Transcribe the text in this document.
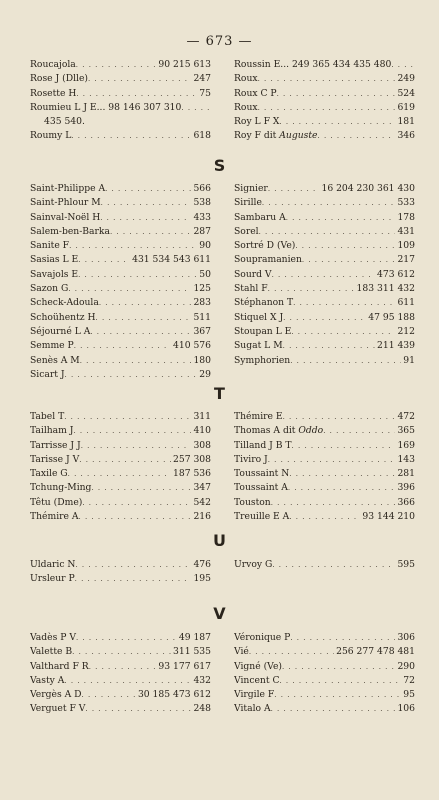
— 673 —
Roucajola . . .	90 215 613
Rose J (Dlle) . . .	247
Rosette H . . .	75
Roumieu L J E... 98 146 307 310
. . .
435 540.
Roumy L . . .	618
Roussin E... 249 365 434 435 480
. . .
Roux . . .	249
Roux C P . . .	524
Roux . . .	619
Roy L F X . . .	181
Roy F dit Auguste . . .	346
S
Saint-Philippe A . . .	566
Saint-Phlour M . . .	538
Sainval-Noël H . . .	433
Salem-ben-Barka . . .	287
Sanite F . . .	90
Sasias L E . . .	431 534 543 611
Savajols E . . .	50
Sazon G . . .	125
Scheck-Adoula . . .	283
Schoühentz H . . .	511
Séjourné L A . . .	367
Semme P . . .	410 576
Senès A M . . .	180
Sicart J . . .	29
Signier . . .	16 204 230 361 430
Sirille . . .	533
Sambaru A . . .	178
Sorel . . .	431
Sortré D (Ve) . . .	109
Soupramanien . . .	217
Sourd V . . .	473 612
Stahl F . . .	183 311 432
Stéphanon T . . .	611
Stiquel X J . . .	47 95 188
Stoupan L E . . .	212
Sugat L M . . .	211 439
Symphorien . . .	91
T
Tabel T . . .	311
Tailham J . . .	410
Tarrisse J J . . .	308
Tarisse J V . . .	257 308
Taxile G . . .	187 536
Tchung-Ming . . .	347
Têtu (Dme) . . .	542
Thémire A . . .	216
Thémire E . . .	472
Thomas A dit Oddo . . .	365
Tilland J B T . . .	169
Tiviro J . . .	143
Toussaint N . . .	281
Toussaint A . . .	396
Touston . . .	366
Treuille E A . . .	93 144 210
U
Uldaric N . . .	476
Ursleur P . . .	195
Urvoy G . . .	595
V
Vadès P V . . .	49 187
Valette B . . .	311 535
Valthard F R . . .	93 177 617
Vasty A . . .	432
Vergès A D . . .	30 185 473 612
Verguet F V . . .	248
Véronique P . . .	306
Vié . . .	256 277 478 481
Vigné (Ve) . . .	290
Vincent C . . .	72
Virgile F . . .	95
Vitalo A . . .	106
